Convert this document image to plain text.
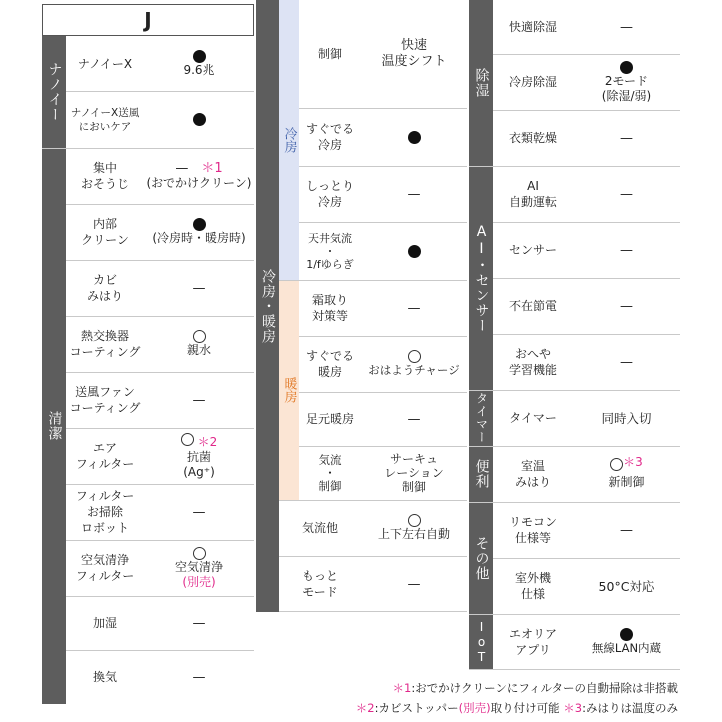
J
ナノイー
清潔
ナノイーX
ナノイーX送風
においケア
集中
おそうじ
内部
クリーン
カビ
みはり
熱交換器
コーティング
送風ファン
コーティング
エア
フィルター
フィルター
お掃除
ロボット
空気清浄
フィルター
加湿
換気
9.6兆
—　 ＊1
(おでかけクリーン)
(冷房時・暖房時)
—
親水
—
＊2
抗菌
(Ag⁺)
—
空気清浄
(別売)
—
—
冷房・暖房
冷房
暖房
制御
すぐでる
冷房
しっとり
冷房
天井気流
・
1/fゆらぎ
霜取り
対策等
すぐでる
暖房
足元暖房
気流
・
制御
気流他
もっと
モード
快速
温度シフト
—
—
おはようチャージ
—
サーキュ
レーション
制御
上下左右自動
—
除湿
AI・センサー
タイマー
便利
その他
IoT
快適除湿
冷房除湿
衣類乾燥
AI
自動運転
センサー
不在節電
おへや
学習機能
タイマー
室温
みはり
リモコン
仕様等
室外機
仕様
エオリア
アプリ
—
2モード
(除湿/弱)
—
—
—
—
—
同時入切
＊3
新制御
—
50°C対応
無線LAN内蔵
＊1:おでかけクリーンにフィルターの自動掃除は非搭載
＊2:カビストッパー(別売)取り付け可能 ＊3:みはりは温度のみ
